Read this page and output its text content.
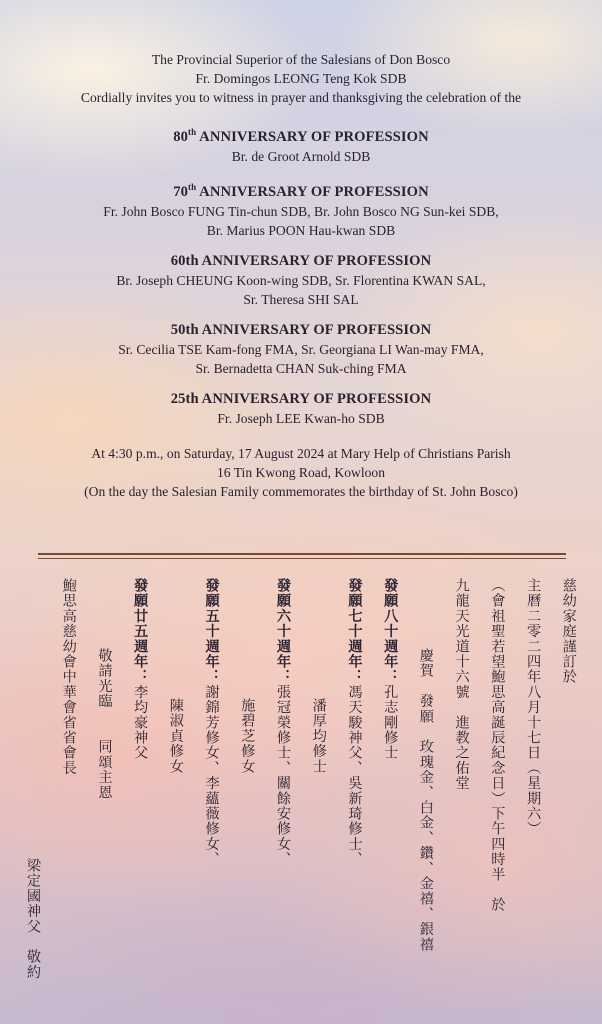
The Provincial Superior of the Salesians of Don Bosco
Fr. Domingos LEONG Teng Kok SDB
Cordially invites you to witness in prayer and thanksgiving the celebration of the
80th ANNIVERSARY OF PROFESSION
Br. de Groot Arnold SDB
70th ANNIVERSARY OF PROFESSION
Fr. John Bosco FUNG Tin-chun SDB, Br. John Bosco NG Sun-kei SDB,
Br. Marius POON Hau-kwan SDB
60th ANNIVERSARY OF PROFESSION
Br. Joseph CHEUNG Koon-wing SDB, Sr. Florentina KWAN SAL,
Sr. Theresa SHI SAL
50th ANNIVERSARY OF PROFESSION
Sr. Cecilia TSE Kam-fong FMA, Sr. Georgiana LI Wan-may FMA,
Sr. Bernadetta CHAN Suk-ching FMA
25th ANNIVERSARY OF PROFESSION
Fr. Joseph LEE Kwan-ho SDB
At 4:30 p.m., on Saturday, 17 August 2024 at Mary Help of Christians Parish
16 Tin Kwong Road, Kowloon
(On the day the Salesian Family commemorates the birthday of St. John Bosco)
慈幼家庭謹訂於
主曆二零二四年八月十七日（星期六）
（會祖聖若望鮑思高誕辰紀念日）下午四時半　於
九龍天光道十六號　進教之佑堂
慶賀　發願　玫瑰金、白金、鑽、金禧、銀禧
發願八十週年：孔志剛修士
發願七十週年：馮天駿神父、吳新琦修士、
潘厚均修士
發願六十週年：張冠榮修士、關餘安修女、
施碧芝修女
發願五十週年：謝錦芳修女、李蘊薇修女、
陳淑貞修女
發願廿五週年：李均豪神父
敬請光臨　　同頌主恩
鮑思高慈幼會中華會省省會長
梁定國神父　敬約
